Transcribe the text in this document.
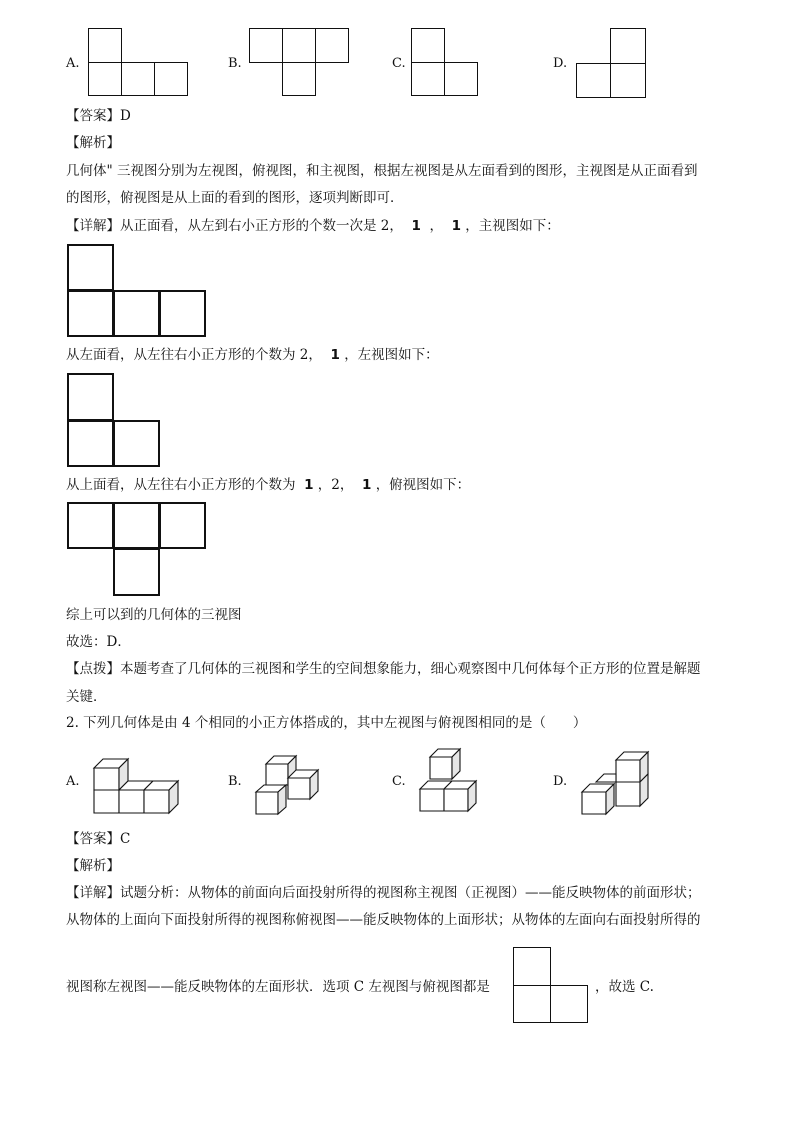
A.	B.	C.	D.
【答案】D
【解析】
几何体" 三视图分别为左视图，俯视图，和主视图，根据左视图是从左面看到的图形，主视图是从正面看到
的图形，俯视图是从上面的看到的图形，逐项判断即可．
【详解】从正面看，从左到右小正方形的个数一次是 2， 1 ， 1 ，主视图如下：
从左面看，从左往右小正方形的个数为 2， 1 ，左视图如下：
从上面看，从左往右小正方形的个数为 1 ，2， 1 ，俯视图如下：
综上可以到的几何体的三视图
故选：D．
【点拨】本题考查了几何体的三视图和学生的空间想象能力，细心观察图中几何体每个正方形的位置是解题
关键．
2. 下列几何体是由 4 个相同的小正方体搭成的，其中左视图与俯视图相同的是（　　）
A.	B.	C.	D.
【答案】C
【解析】
【详解】试题分析：从物体的前面向后面投射所得的视图称主视图（正视图）——能反映物体的前面形状；
从物体的上面向下面投射所得的视图称俯视图——能反映物体的上面形状；从物体的左面向右面投射所得的
视图称左视图——能反映物体的左面形状．选项 C 左视图与俯视图都是	，故选 C.
